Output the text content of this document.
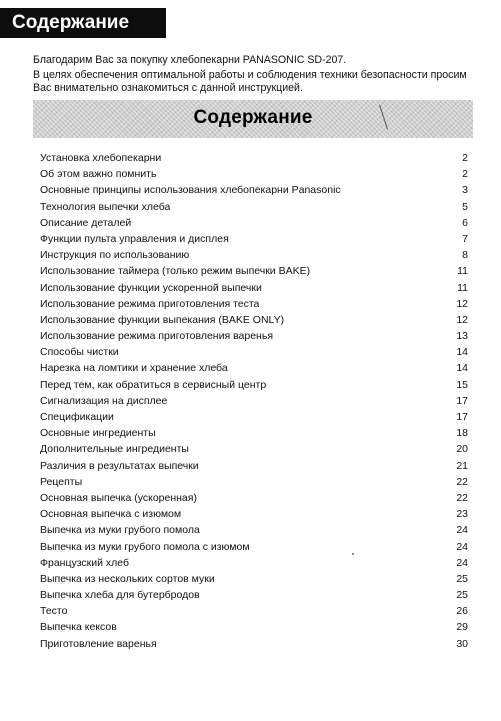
Содержание

Благодарим Вас за покупку хлебопекарни PANASONIC SD-207.

В целях обеспечения оптимальной работы и соблюдения техники безопасности просим Вас внимательно ознакомиться с данной инструкцией.

Содержание
Установка хлебопекарни	2
Об этом важно помнить	2
Основные принципы использования хлебопекарни Panasonic	3
Технология выпечки хлеба	5
Описание деталей	6
Функции пульта управления и дисплея	7
Инструкция по использованию	8
Использование таймера (только режим выпечки BAKE)	11
Использование функции ускоренной выпечки	11
Использование режима приготовления теста	12
Использование функции выпекания (BAKE ONLY)	12
Использование режима приготовления варенья	13
Способы чистки	14
Нарезка на ломтики и хранение хлеба	14
Перед тем, как обратиться в сервисный центр	15
Сигнализация на дисплее	17
Спецификации	17
Основные ингредиенты	18
Дополнительные ингредиенты	20
Различия в результатах выпечки	21
Рецепты	22
Основная выпечка (ускоренная)	22
Основная выпечка с изюмом	23
Выпечка из муки грубого помола	24
Выпечка из муки грубого помола с изюмом	24
Французский хлеб	24
Выпечка из нескольких сортов муки	25
Выпечка хлеба для бутербродов	25
Тесто	26
Выпечка кексов	29
Приготовление варенья	30
